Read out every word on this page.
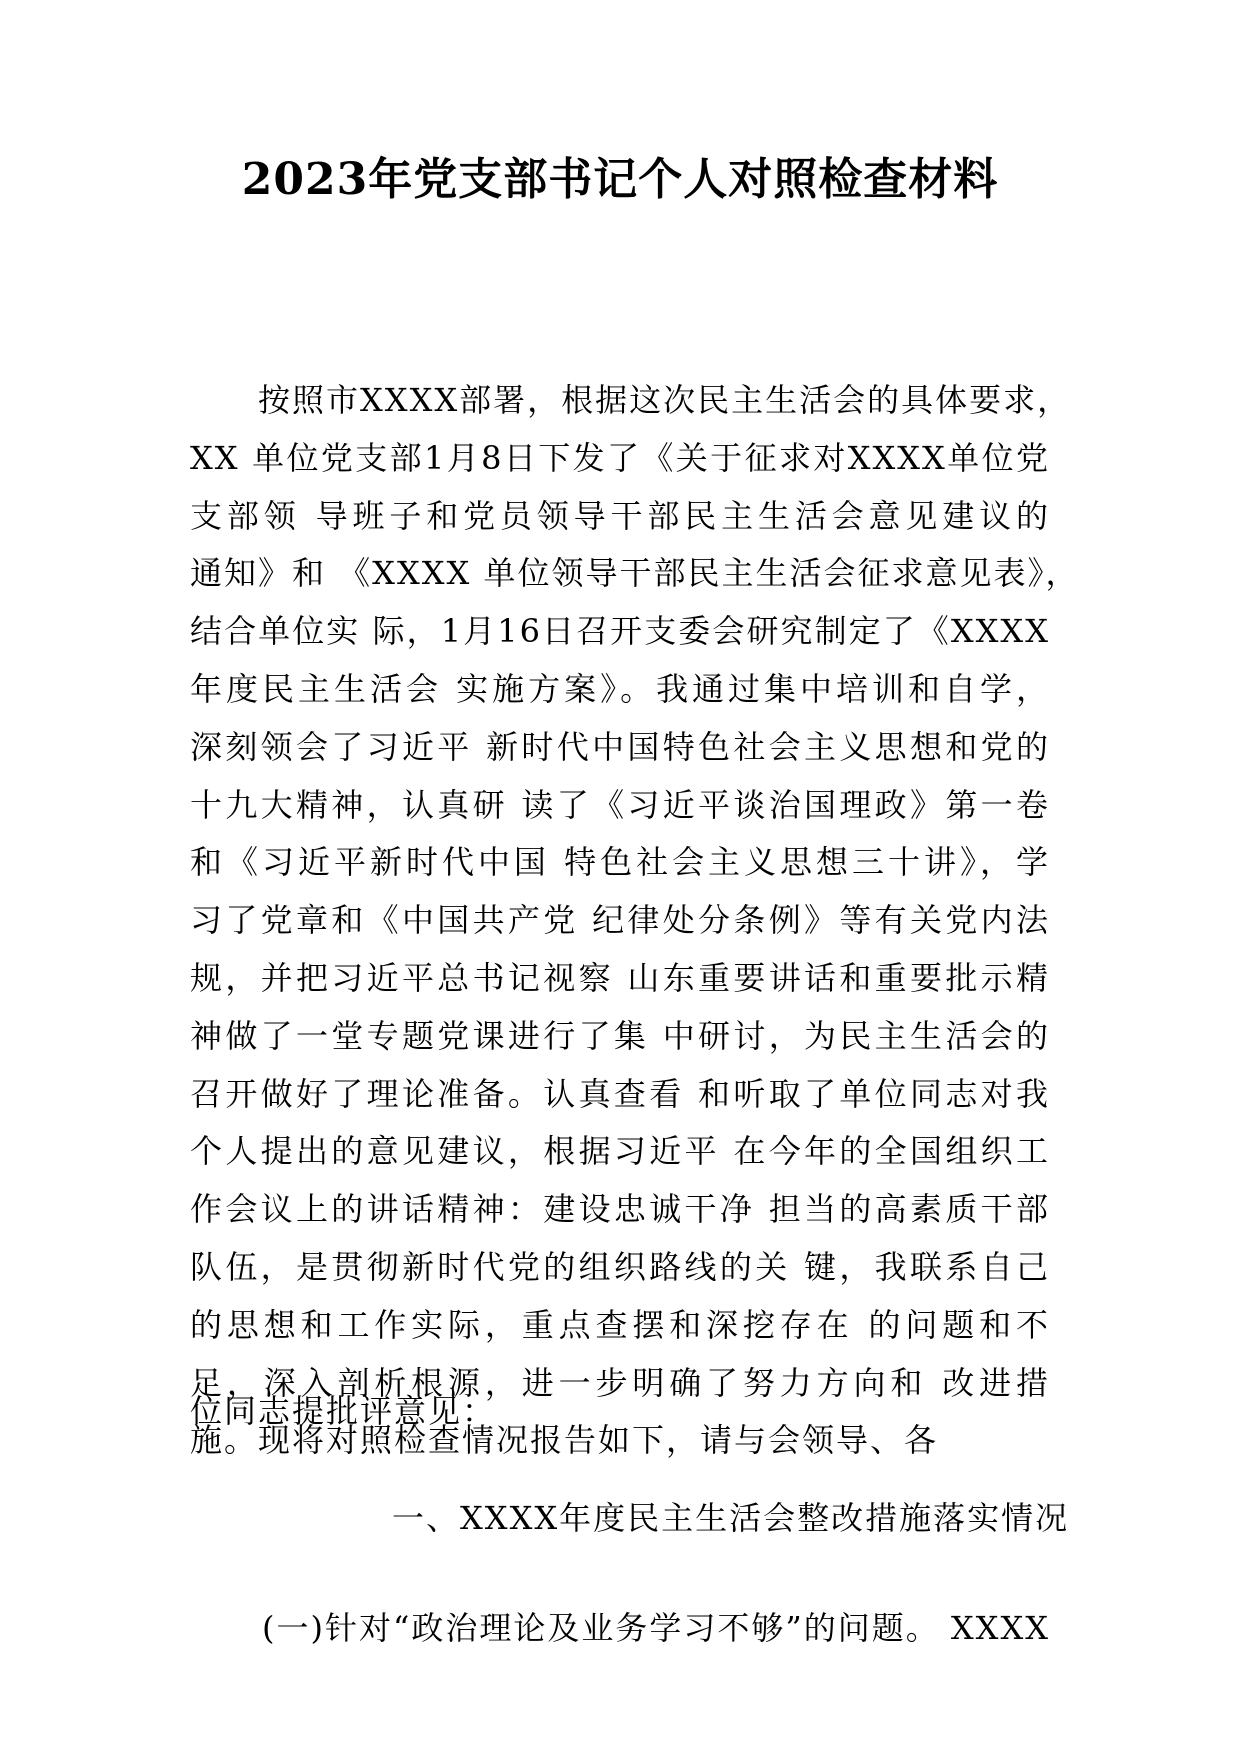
2023年党支部书记个人对照检查材料
按照市XXXX部署，根据这次民主生活会的具体要求，
XX 单位党支部1月8日下发了《关于征求对XXXX单位党
支部领 导班子和党员领导干部民主生活会意见建议的
通知》和 《XXXX 单位领导干部民主生活会征求意见表》，
结合单位实 际，1月16日召开支委会研究制定了《XXXX
年度民主生活会 实施方案》。我通过集中培训和自学，
深刻领会了习近平 新时代中国特色社会主义思想和党的
十九大精神，认真研 读了《习近平谈治国理政》第一卷
和《习近平新时代中国 特色社会主义思想三十讲》，学
习了党章和《中国共产党 纪律处分条例》等有关党内法
规，并把习近平总书记视察 山东重要讲话和重要批示精
神做了一堂专题党课进行了集 中研讨，为民主生活会的
召开做好了理论准备。认真查看 和听取了单位同志对我
个人提出的意见建议，根据习近平 在今年的全国组织工
作会议上的讲话精神：建设忠诚干净 担当的高素质干部
队伍，是贯彻新时代党的组织路线的关 键，我联系自己
的思想和工作实际，重点查摆和深挖存在 的问题和不
足，深入剖析根源，进一步明确了努力方向和 改进措
施。现将对照检查情况报告如下，请与会领导、各
位同志提批评意见：
一、XXXX年度民主生活会整改措施落实情况
(一)针对“政治理论及业务学习不够”的问题。 XXXX
